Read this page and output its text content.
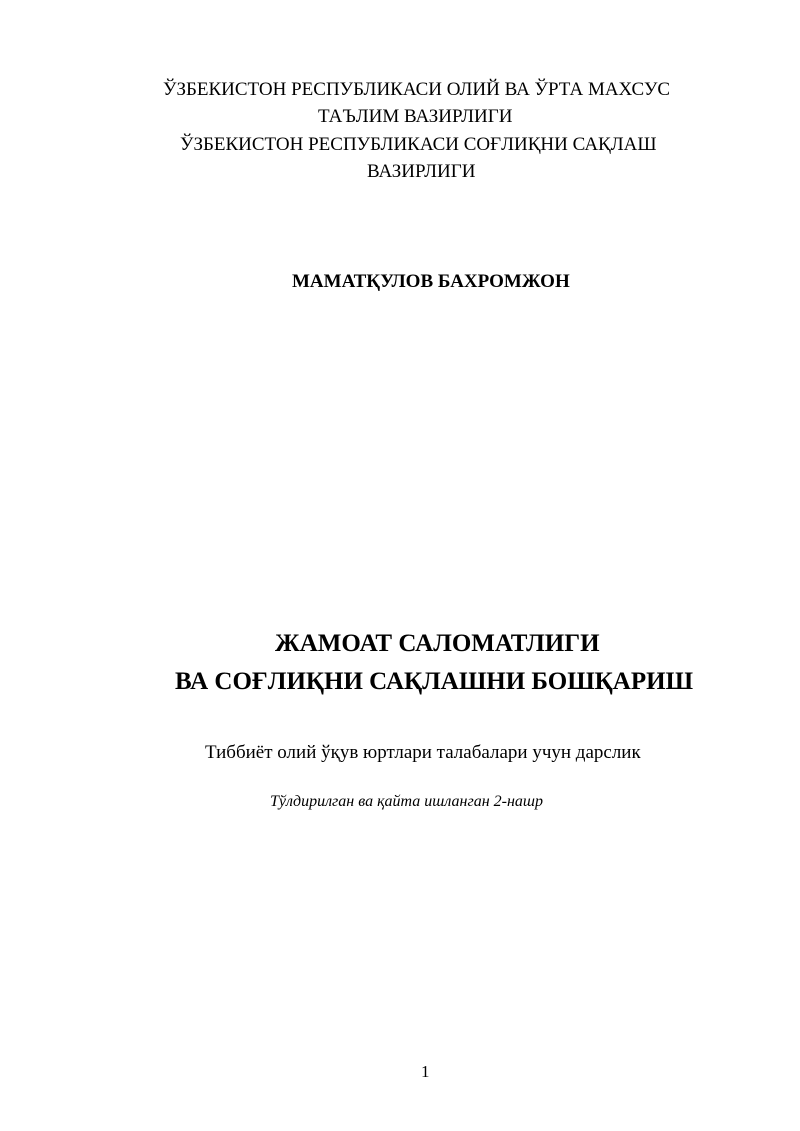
ЎЗБЕКИСТОН РЕСПУБЛИКАСИ ОЛИЙ ВА ЎРТА МАХСУС
ТАЪЛИМ ВАЗИРЛИГИ
ЎЗБЕКИСТОН РЕСПУБЛИКАСИ СОҒЛИҚНИ САҚЛАШ
ВАЗИРЛИГИ
МАМАТҚУЛОВ БАХРОМЖОН
ЖАМОАТ САЛОМАТЛИГИ
ВА СОҒЛИҚНИ САҚЛАШНИ БОШҚАРИШ
Тиббиёт олий ўқув юртлари талабалари учун дарслик
Тўлдирилган ва қайта ишланган 2-нашр
1
